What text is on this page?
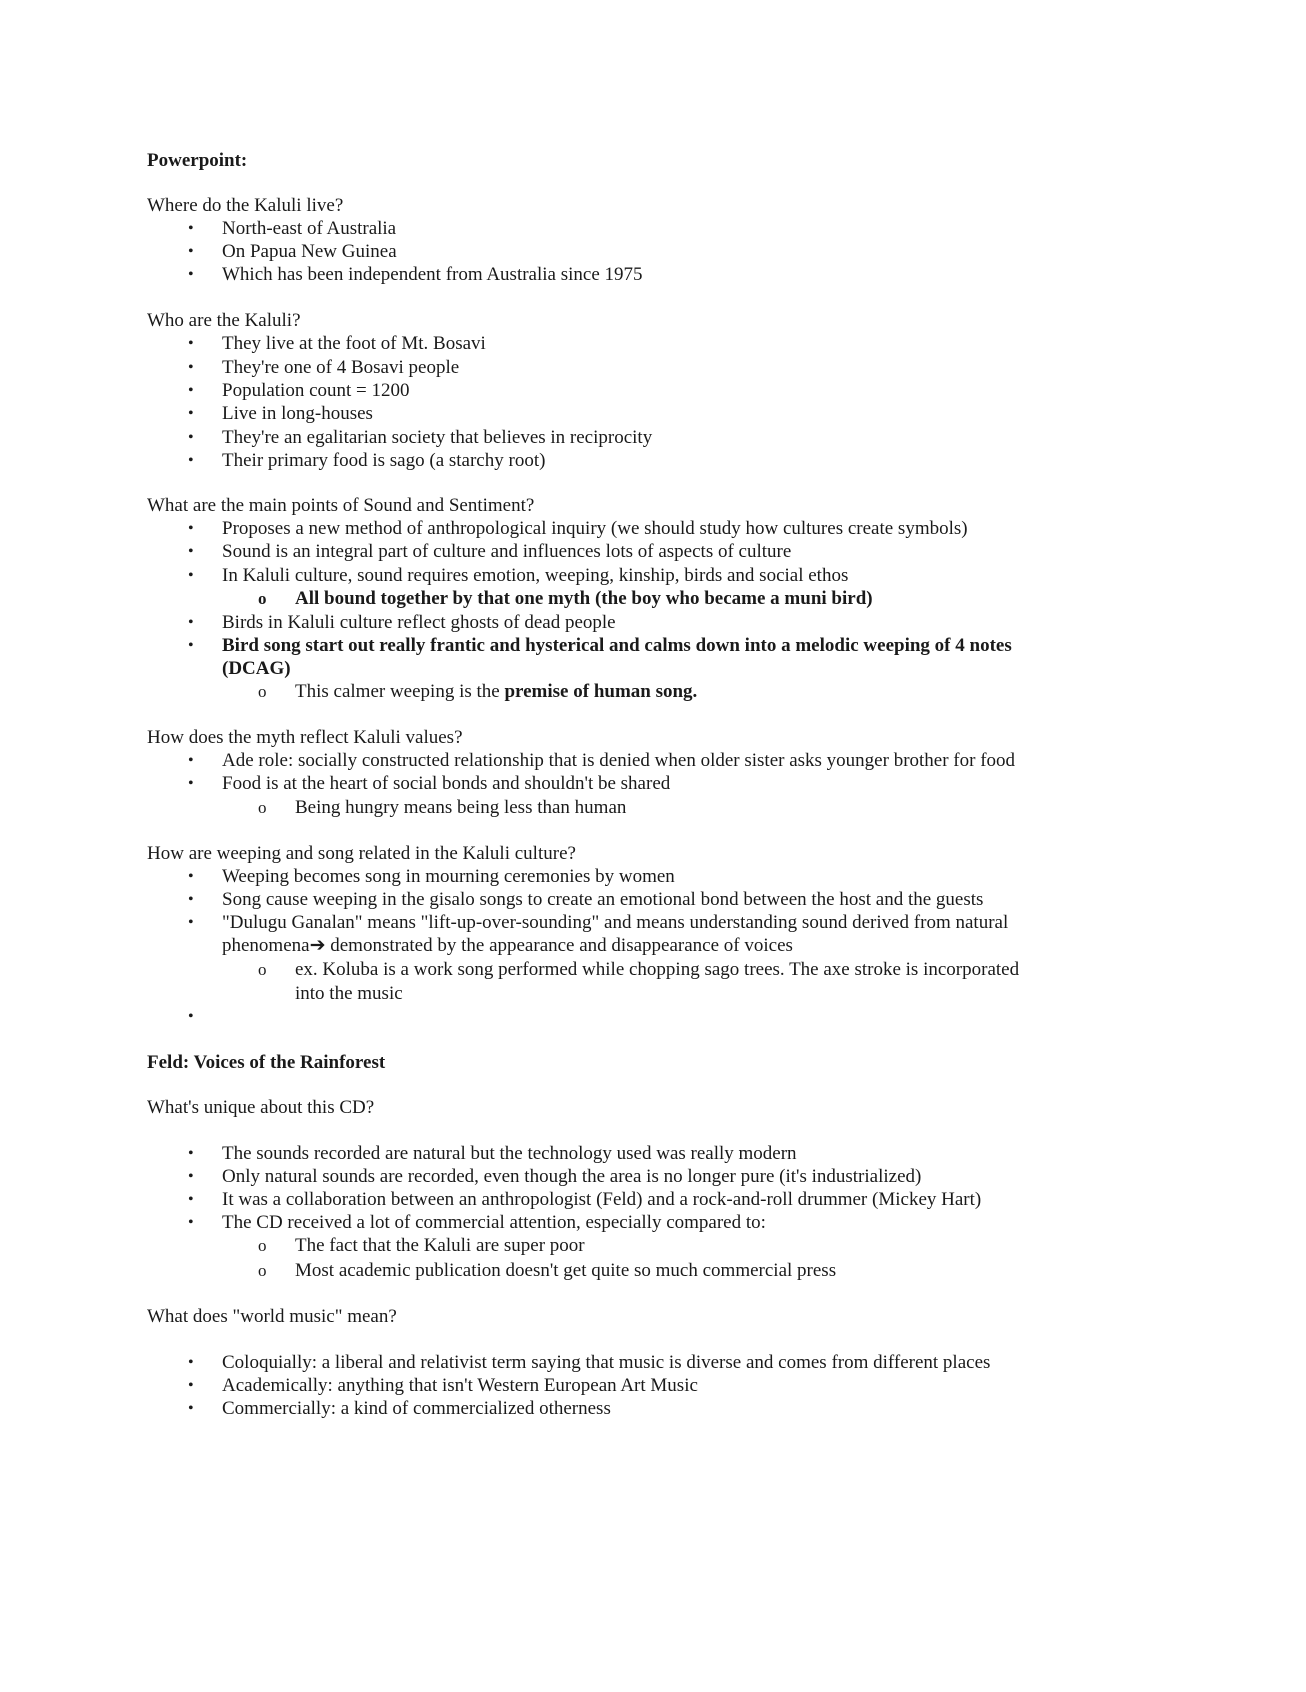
Powerpoint:
Where do the Kaluli live?
• North-east of Australia
• On Papua New Guinea
• Which has been independent from Australia since 1975
Who are the Kaluli?
• They live at the foot of Mt. Bosavi
• They're one of 4 Bosavi people
• Population count = 1200
• Live in long-houses
• They're an egalitarian society that believes in reciprocity
• Their primary food is sago (a starchy root)
What are the main points of Sound and Sentiment?
• Proposes a new method of anthropological inquiry (we should study how cultures create symbols)
• Sound is an integral part of culture and influences lots of aspects of culture
• In Kaluli culture, sound requires emotion, weeping, kinship, birds and social ethos
o All bound together by that one myth (the boy who became a muni bird)
• Birds in Kaluli culture reflect ghosts of dead people
• Bird song start out really frantic and hysterical and calms down into a melodic weeping of 4 notes
(DCAG)
o This calmer weeping is the premise of human song.
How does the myth reflect Kaluli values?
• Ade role: socially constructed relationship that is denied when older sister asks younger brother for food
• Food is at the heart of social bonds and shouldn't be shared
o Being hungry means being less than human
How are weeping and song related in the Kaluli culture?
• Weeping becomes song in mourning ceremonies by women
• Song cause weeping in the gisalo songs to create an emotional bond between the host and the guests
• "Dulugu Ganalan" means "lift-up-over-sounding" and means understanding sound derived from natural
phenomena➔ demonstrated by the appearance and disappearance of voices
o ex. Koluba is a work song performed while chopping sago trees. The axe stroke is incorporated
into the music
•
Feld: Voices of the Rainforest
What's unique about this CD?
• The sounds recorded are natural but the technology used was really modern
• Only natural sounds are recorded, even though the area is no longer pure (it's industrialized)
• It was a collaboration between an anthropologist (Feld) and a rock-and-roll drummer (Mickey Hart)
• The CD received a lot of commercial attention, especially compared to:
o The fact that the Kaluli are super poor
o Most academic publication doesn't get quite so much commercial press
What does "world music" mean?
• Coloquially: a liberal and relativist term saying that music is diverse and comes from different places
• Academically: anything that isn't Western European Art Music
• Commercially: a kind of commercialized otherness
